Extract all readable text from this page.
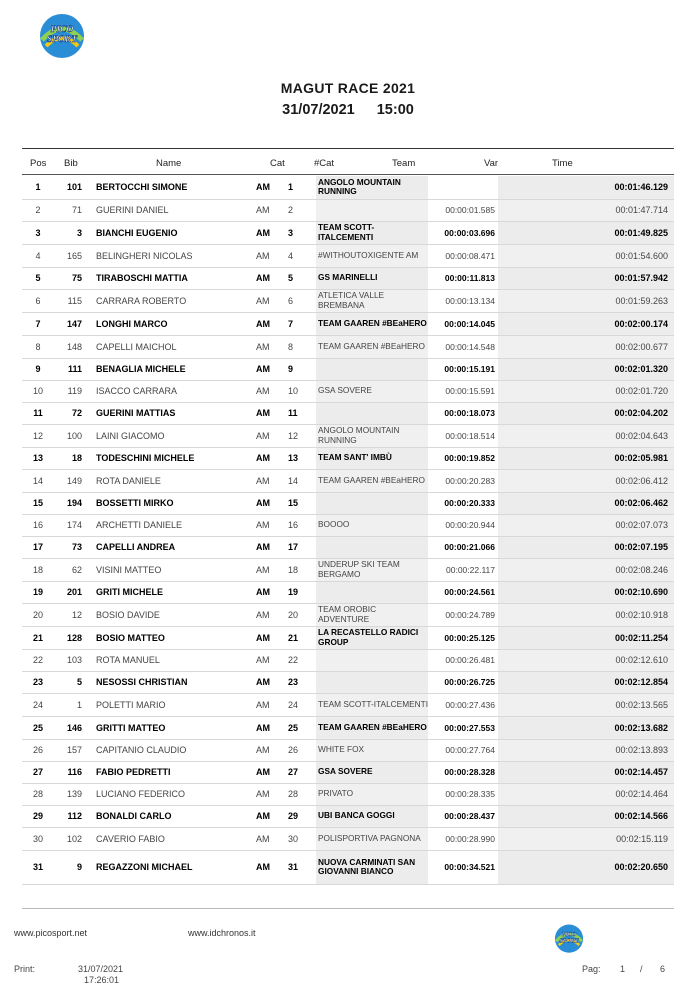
PICO
SPORT
MAGUT RACE 2021
31/07/2021 15:00
Pos Bib	Name	Cat	#Cat	Team	Var	Time
1	101	BERTOCCHI SIMONE	AM	1	ANGOLO MOUNTAIN RUNNING		00:01:46.129
2	71	GUERINI DANIEL	AM	2		00:00:01.585	00:01:47.714
3	3	BIANCHI EUGENIO	AM	3	TEAM SCOTT-ITALCEMENTI	00:00:03.696	00:01:49.825
4	165	BELINGHERI NICOLAS	AM	4	#WITHOUTOXIGENTE AM	00:00:08.471	00:01:54.600
5	75	TIRABOSCHI MATTIA	AM	5	GS MARINELLI	00:00:11.813	00:01:57.942
6	115	CARRARA ROBERTO	AM	6	ATLETICA VALLE BREMBANA	00:00:13.134	00:01:59.263
7	147	LONGHI MARCO	AM	7	TEAM GAAREN #BEaHERO	00:00:14.045	00:02:00.174
8	148	CAPELLI MAICHOL	AM	8	TEAM GAAREN #BEaHERO	00:00:14.548	00:02:00.677
9	111	BENAGLIA MICHELE	AM	9		00:00:15.191	00:02:01.320
10	119	ISACCO CARRARA	AM	10	GSA SOVERE	00:00:15.591	00:02:01.720
11	72	GUERINI MATTIAS	AM	11		00:00:18.073	00:02:04.202
12	100	LAINI GIACOMO	AM	12	ANGOLO MOUNTAIN RUNNING	00:00:18.514	00:02:04.643
13	18	TODESCHINI MICHELE	AM	13	TEAM SANT' IMBÙ	00:00:19.852	00:02:05.981
14	149	ROTA DANIELE	AM	14	TEAM GAAREN #BEaHERO	00:00:20.283	00:02:06.412
15	194	BOSSETTI MIRKO	AM	15		00:00:20.333	00:02:06.462
16	174	ARCHETTI DANIELE	AM	16	BOOOO	00:00:20.944	00:02:07.073
17	73	CAPELLI ANDREA	AM	17		00:00:21.066	00:02:07.195
18	62	VISINI MATTEO	AM	18	UNDERUP SKI TEAM BERGAMO	00:00:22.117	00:02:08.246
19	201	GRITI MICHELE	AM	19		00:00:24.561	00:02:10.690
20	12	BOSIO DAVIDE	AM	20	TEAM OROBIC ADVENTURE	00:00:24.789	00:02:10.918
21	128	BOSIO MATTEO	AM	21	LA RECASTELLO RADICI GROUP	00:00:25.125	00:02:11.254
22	103	ROTA MANUEL	AM	22		00:00:26.481	00:02:12.610
23	5	NESOSSI CHRISTIAN	AM	23		00:00:26.725	00:02:12.854
24	1	POLETTI MARIO	AM	24	TEAM SCOTT-ITALCEMENTI	00:00:27.436	00:02:13.565
25	146	GRITTI MATTEO	AM	25	TEAM GAAREN #BEaHERO	00:00:27.553	00:02:13.682
26	157	CAPITANIO CLAUDIO	AM	26	WHITE FOX	00:00:27.764	00:02:13.893
27	116	FABIO PEDRETTI	AM	27	GSA SOVERE	00:00:28.328	00:02:14.457
28	139	LUCIANO FEDERICO	AM	28	PRIVATO	00:00:28.335	00:02:14.464
29	112	BONALDI CARLO	AM	29	UBI BANCA GOGGI	00:00:28.437	00:02:14.566
30	102	CAVERIO FABIO	AM	30	POLISPORTIVA PAGNONA	00:00:28.990	00:02:15.119
31	9	REGAZZONI MICHAEL	AM	31	NUOVA CARMINATI SAN GIOVANNI BIANCO	00:00:34.521	00:02:20.650
www.picosport.net	www.idchronos.it	PICO
SPORT
Print:	31/07/2021
17:26:01
Pag: 1 / 6
